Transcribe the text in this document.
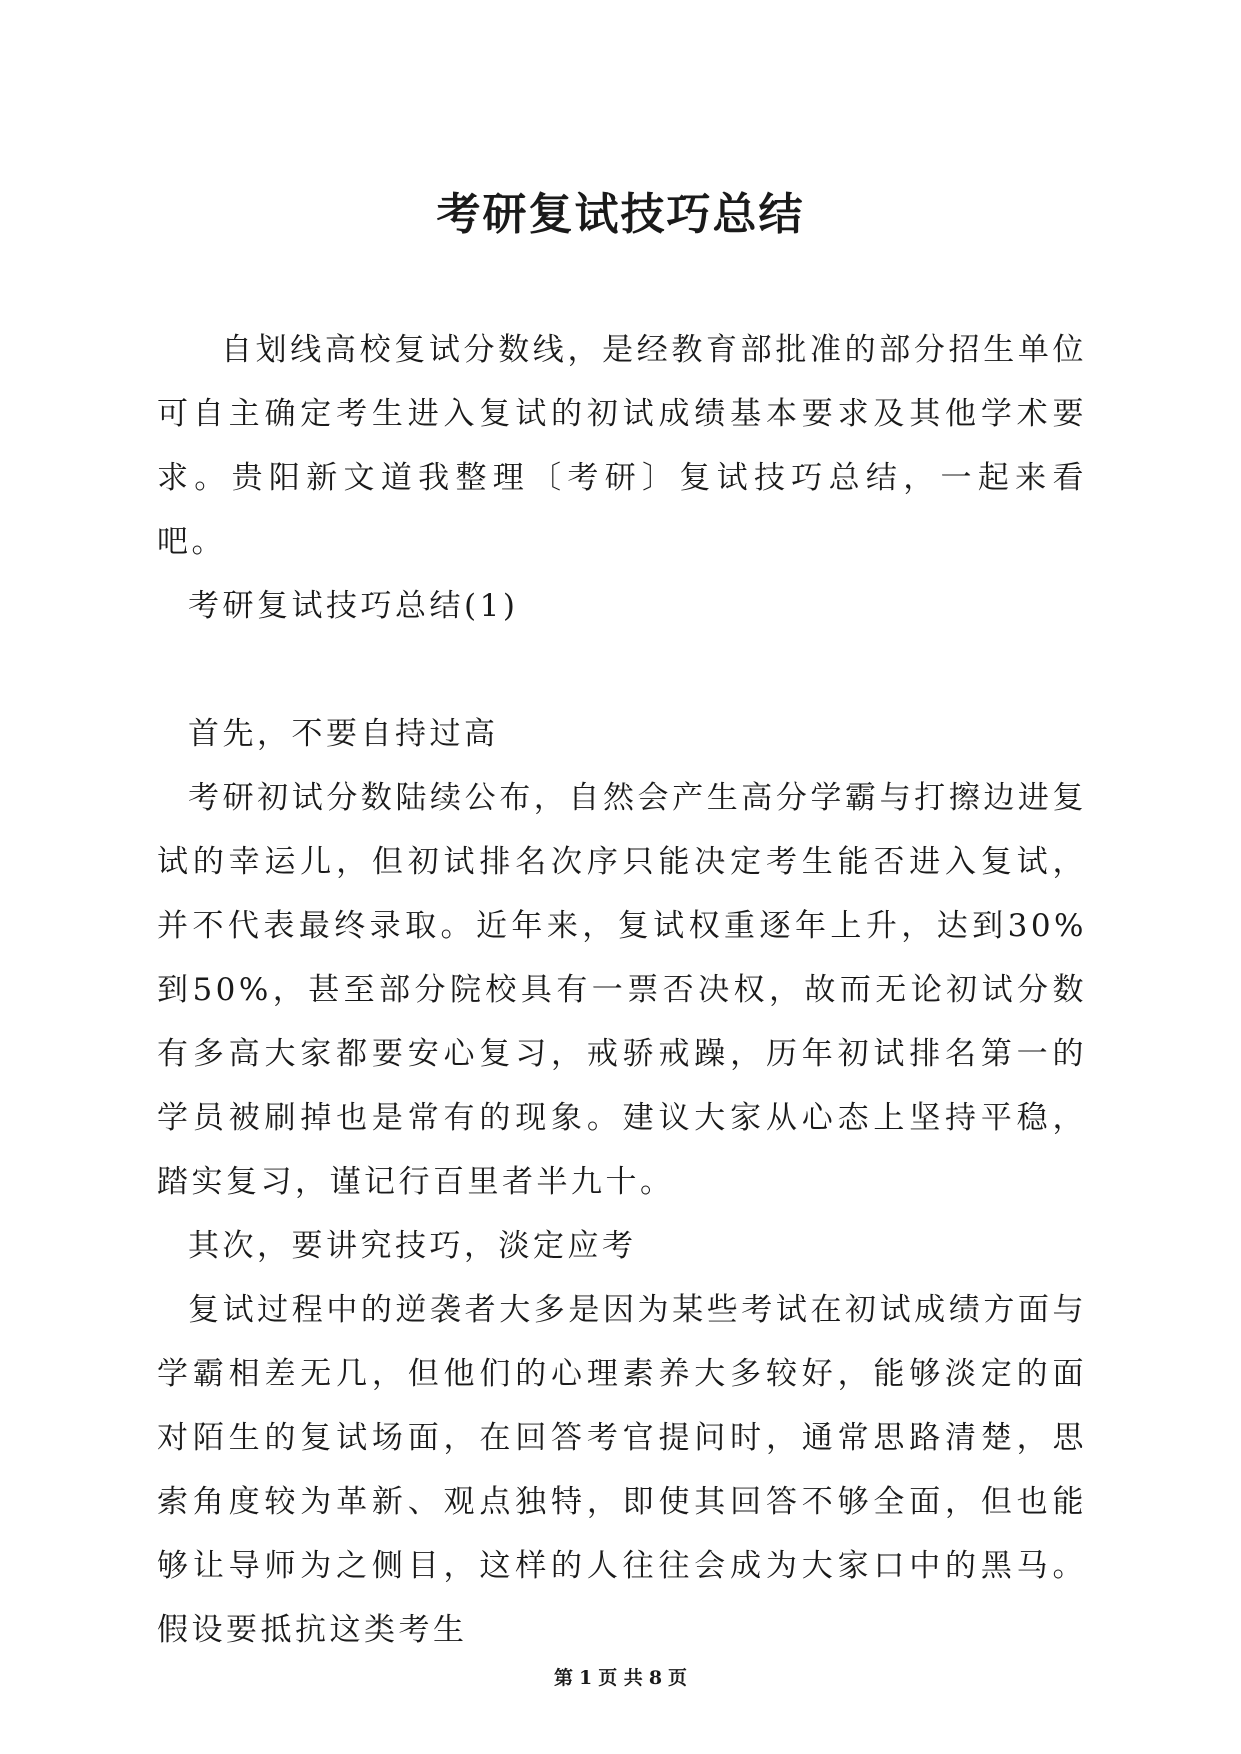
考研复试技巧总结

自划线高校复试分数线，是经教育部批准的部分招生单位可自主确定考生进入复试的初试成绩基本要求及其他学术要求。贵阳新文道我整理〔考研〕复试技巧总结，一起来看吧。

考研复试技巧总结(1)

首先，不要自持过高

考研初试分数陆续公布，自然会产生高分学霸与打擦边进复试的幸运儿，但初试排名次序只能决定考生能否进入复试，并不代表最终录取。近年来，复试权重逐年上升，达到30%到50%，甚至部分院校具有一票否决权，故而无论初试分数有多高大家都要安心复习，戒骄戒躁，历年初试排名第一的学员被刷掉也是常有的现象。建议大家从心态上坚持平稳，踏实复习，谨记行百里者半九十。

其次，要讲究技巧，淡定应考

复试过程中的逆袭者大多是因为某些考试在初试成绩方面与学霸相差无几，但他们的心理素养大多较好，能够淡定的面对陌生的复试场面，在回答考官提问时，通常思路清楚，思索角度较为革新、观点独特，即使其回答不够全面，但也能够让导师为之侧目，这样的人往往会成为大家口中的黑马。假设要抵抗这类考生

第 1 页 共 8 页
